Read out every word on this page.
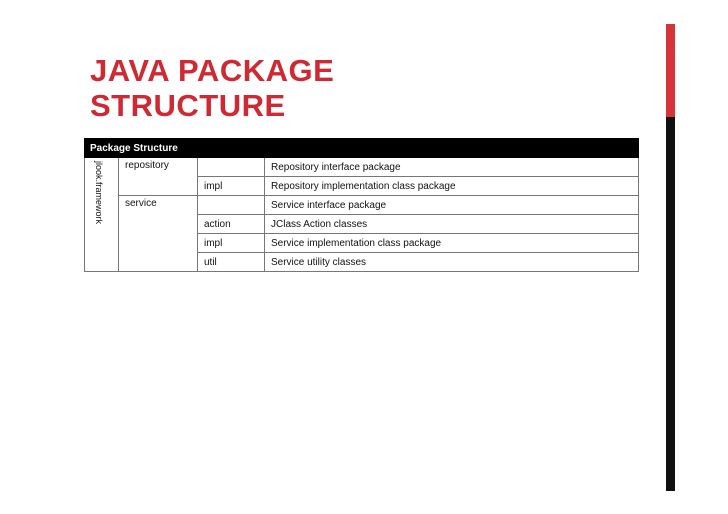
JAVA PACKAGE
STRUCTURE
Package Structure			

jlook.framework	repository		Repository interface package
		impl	Repository implementation class package
	service		Service interface package
		action	JClass Action classes
		impl	Service implementation class package
		util	Service utility classes
